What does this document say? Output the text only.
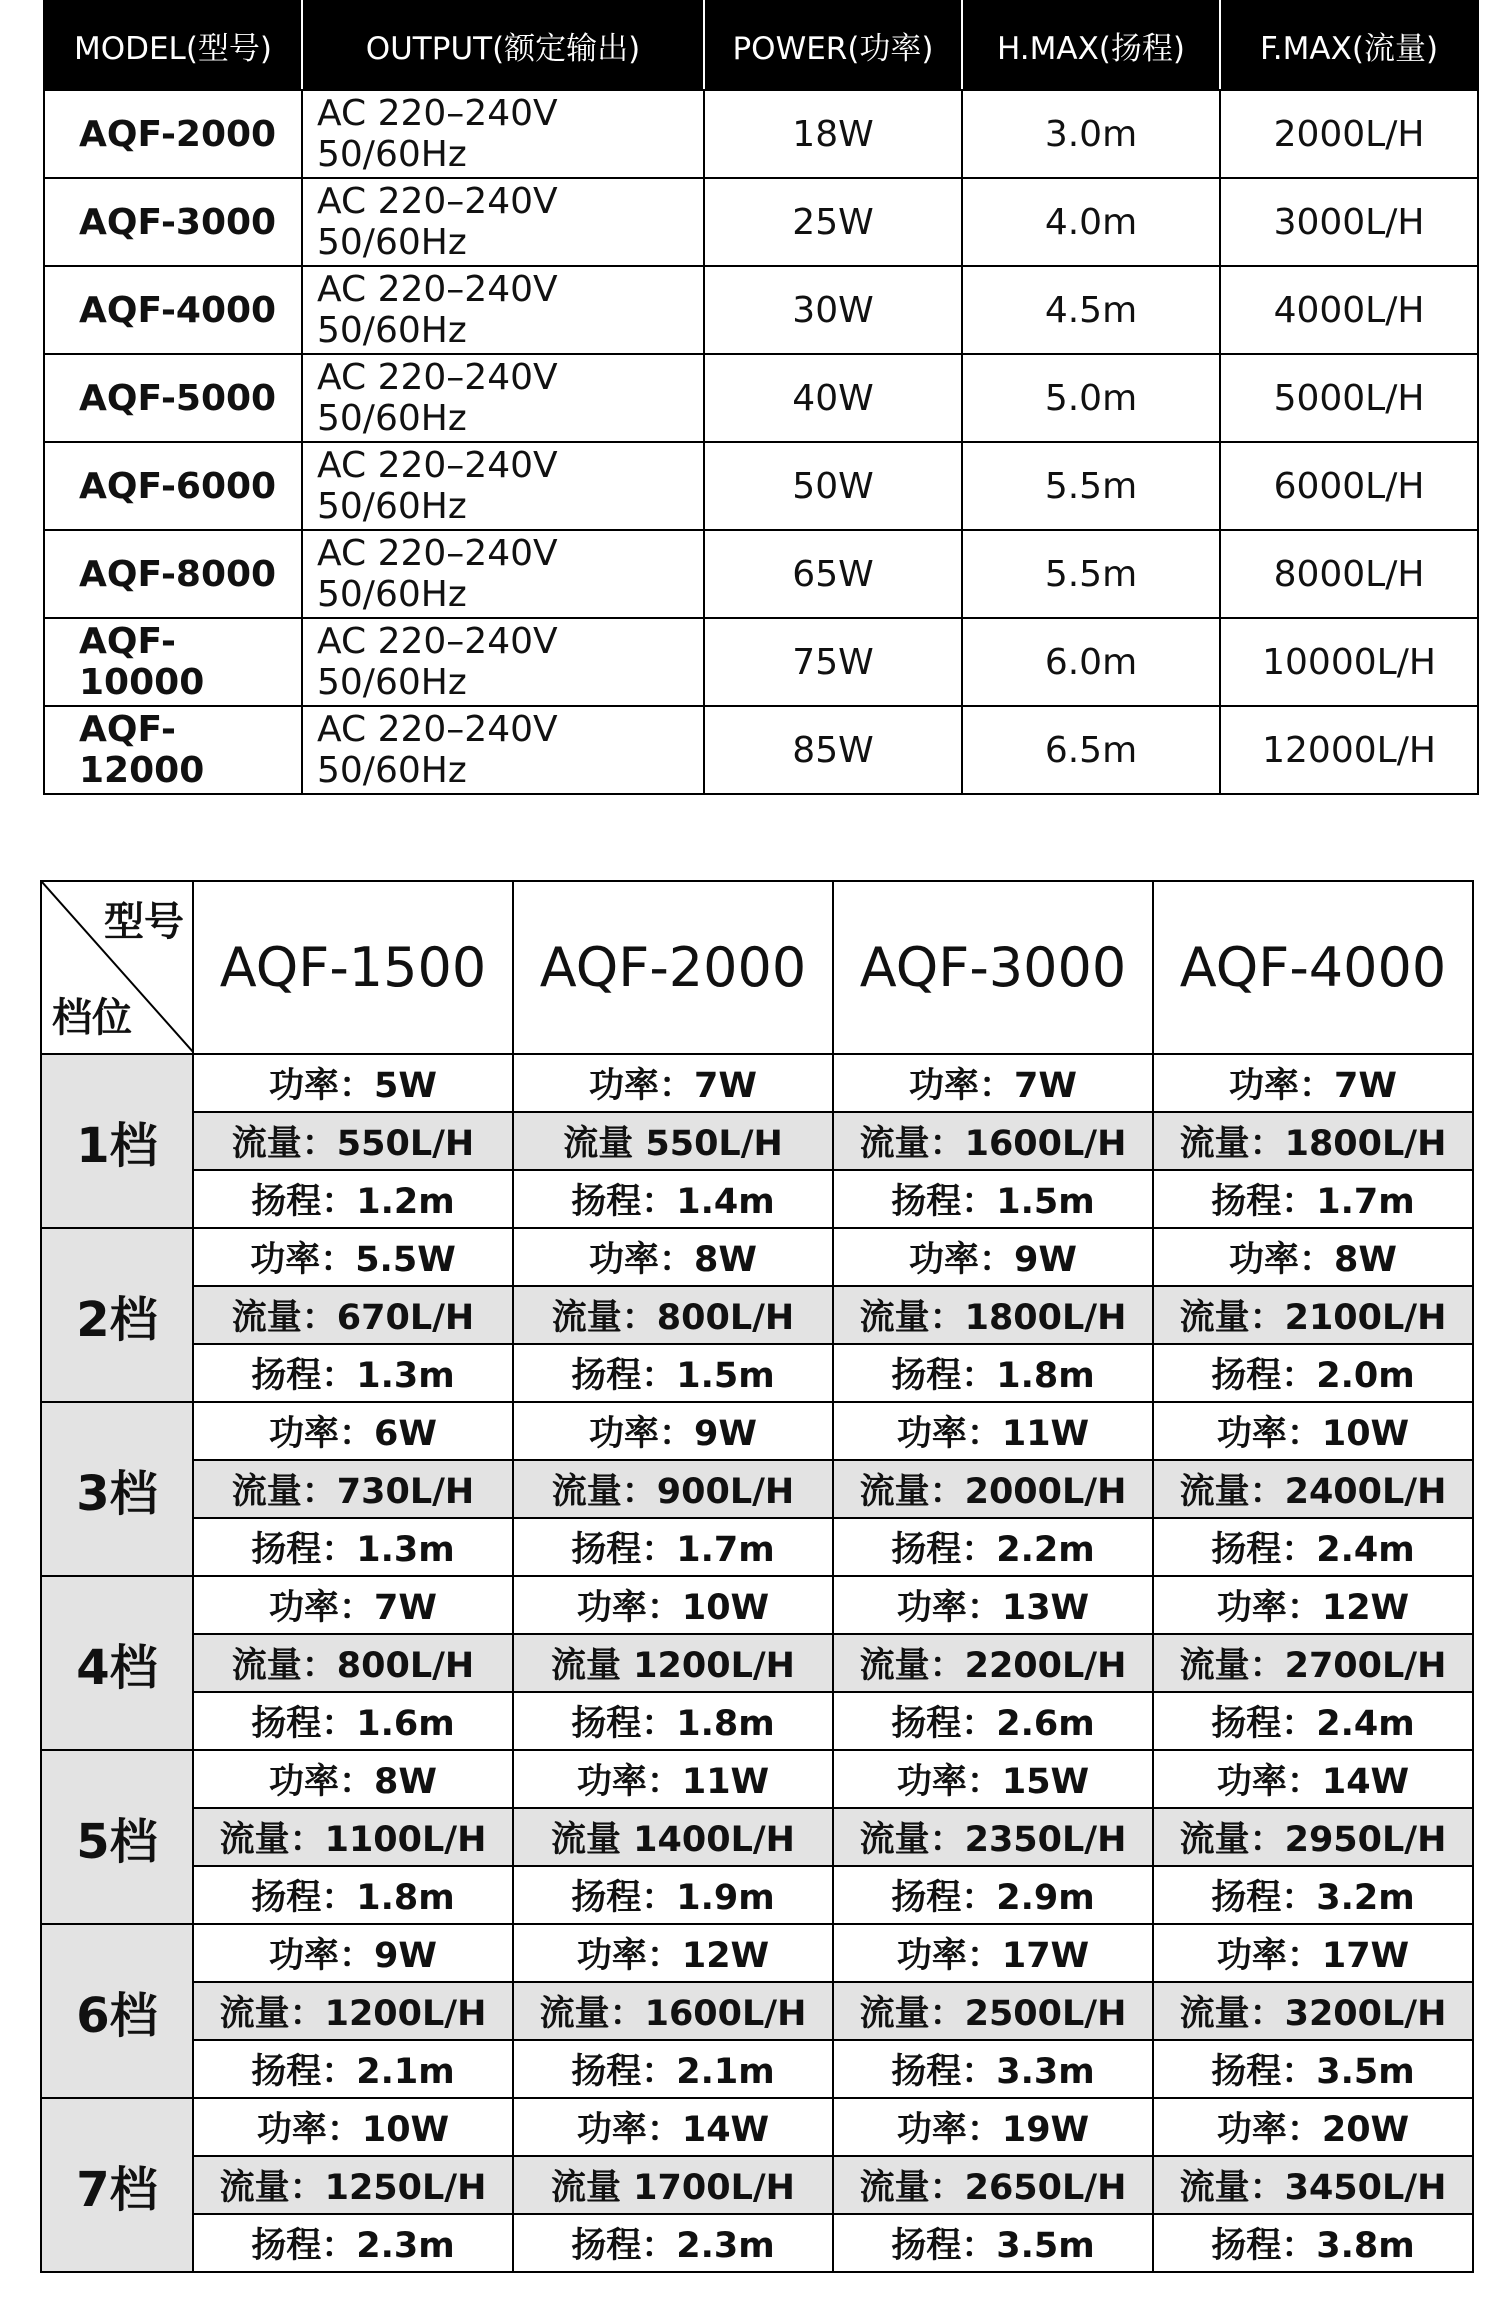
MODEL(型号)	OUTPUT(额定输出)	POWER(功率)	H.MAX(扬程)	F.MAX(流量)
AQF-2000	AC 220–240V 50/60Hz	18W	3.0m	2000L/H
AQF-3000	AC 220–240V 50/60Hz	25W	4.0m	3000L/H
AQF-4000	AC 220–240V 50/60Hz	30W	4.5m	4000L/H
AQF-5000	AC 220–240V 50/60Hz	40W	5.0m	5000L/H
AQF-6000	AC 220–240V 50/60Hz	50W	5.5m	6000L/H
AQF-8000	AC 220–240V 50/60Hz	65W	5.5m	8000L/H
AQF-10000	AC 220–240V 50/60Hz	75W	6.0m	10000L/H
AQF-12000	AC 220–240V 50/60Hz	85W	6.5m	12000L/H
型号
档位	AQF-1500	AQF-2000	AQF-3000	AQF-4000
1档	功率：5W	功率：7W	功率：7W	功率：7W
	流量：550L/H	流量 550L/H	流量：1600L/H	流量：1800L/H
	扬程：1.2m	扬程：1.4m	扬程：1.5m	扬程：1.7m
2档	功率：5.5W	功率：8W	功率：9W	功率：8W
	流量：670L/H	流量：800L/H	流量：1800L/H	流量：2100L/H
	扬程：1.3m	扬程：1.5m	扬程：1.8m	扬程：2.0m
3档	功率：6W	功率：9W	功率：11W	功率：10W
	流量：730L/H	流量：900L/H	流量：2000L/H	流量：2400L/H
	扬程：1.3m	扬程：1.7m	扬程：2.2m	扬程：2.4m
4档	功率：7W	功率：10W	功率：13W	功率：12W
	流量：800L/H	流量 1200L/H	流量：2200L/H	流量：2700L/H
	扬程：1.6m	扬程：1.8m	扬程：2.6m	扬程：2.4m
5档	功率：8W	功率：11W	功率：15W	功率：14W
	流量：1100L/H	流量 1400L/H	流量：2350L/H	流量：2950L/H
	扬程：1.8m	扬程：1.9m	扬程：2.9m	扬程：3.2m
6档	功率：9W	功率：12W	功率：17W	功率：17W
	流量：1200L/H	流量：1600L/H	流量：2500L/H	流量：3200L/H
	扬程：2.1m	扬程：2.1m	扬程：3.3m	扬程：3.5m
7档	功率：10W	功率：14W	功率：19W	功率：20W
	流量：1250L/H	流量 1700L/H	流量：2650L/H	流量：3450L/H
	扬程：2.3m	扬程：2.3m	扬程：3.5m	扬程：3.8m
